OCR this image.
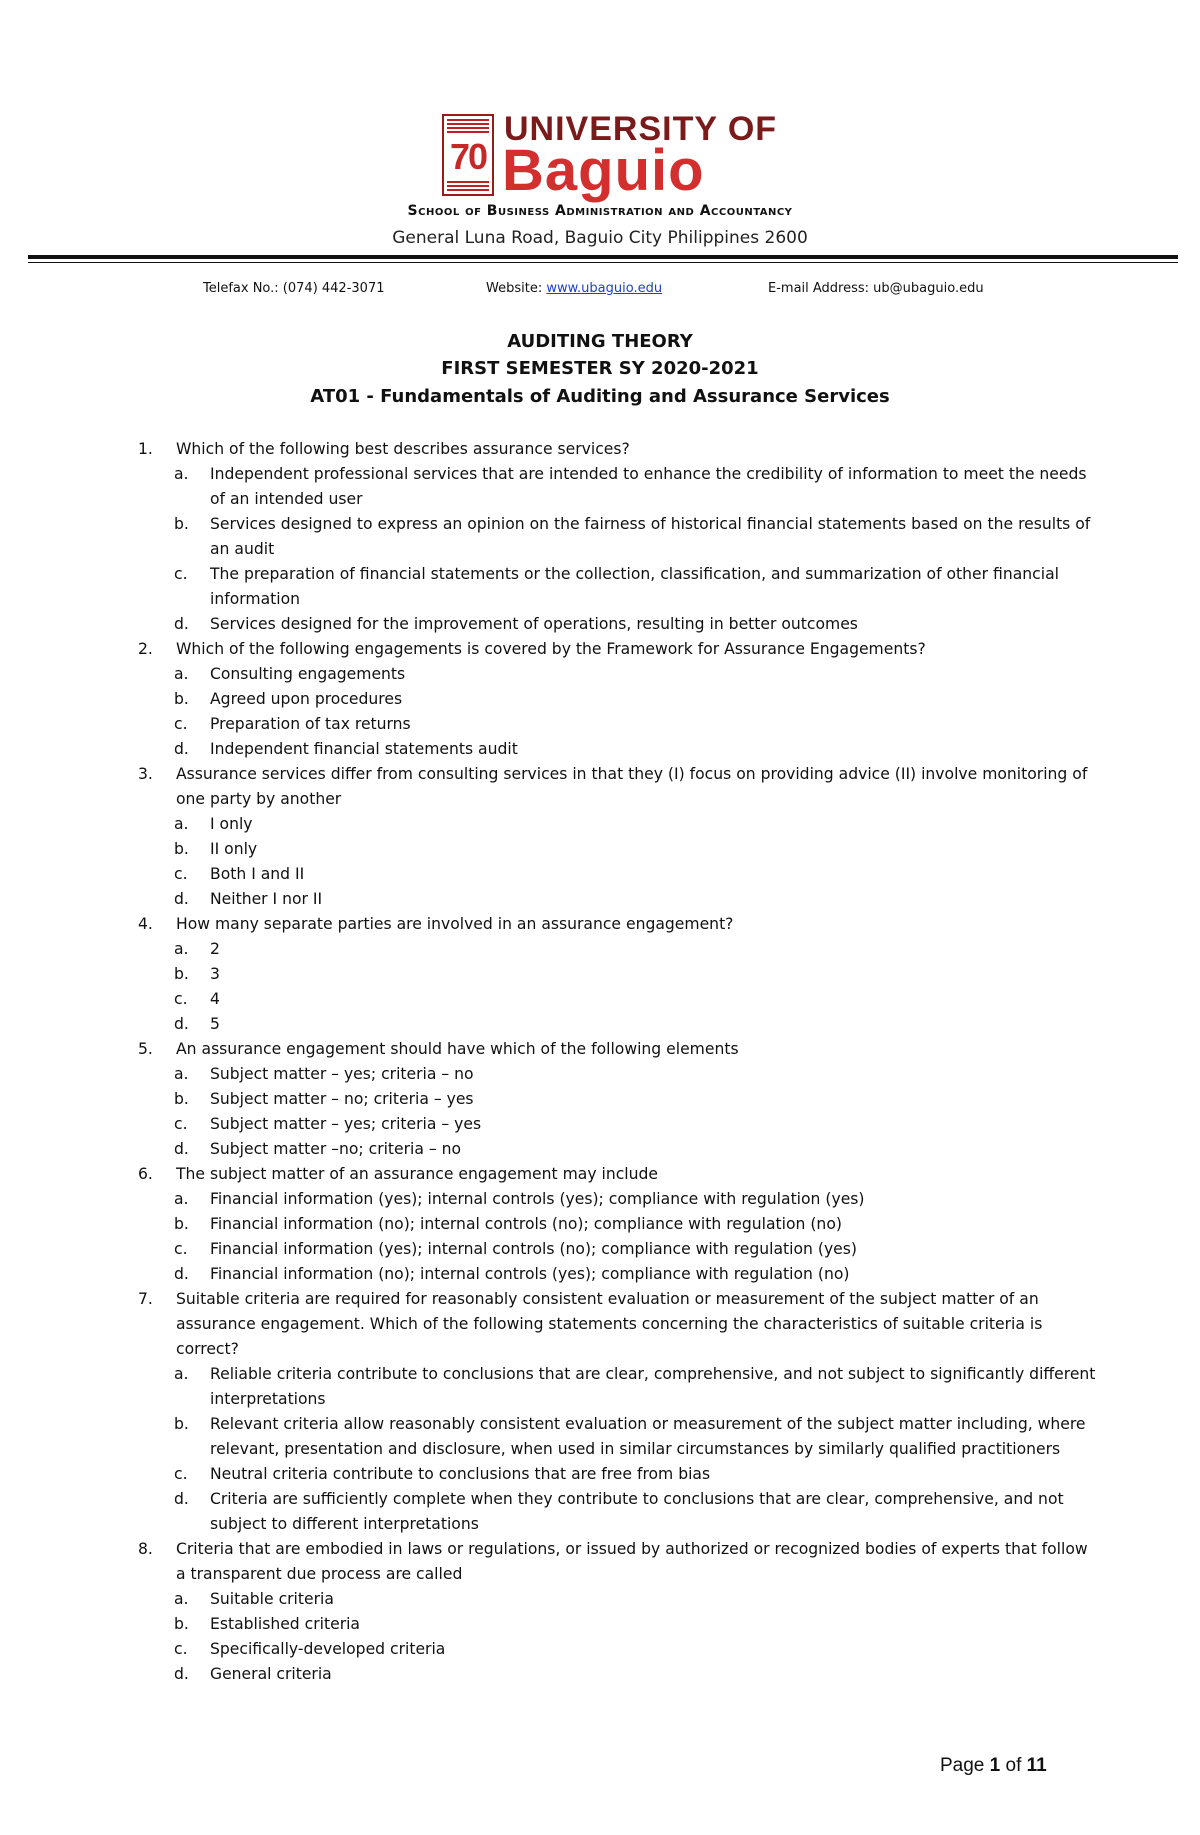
70
UNIVERSITY OF
Baguio
School of Business Administration and Accountancy
General Luna Road, Baguio City Philippines 2600
Telefax No.: (074) 442-3071	Website: www.ubaguio.edu	E-mail Address: ub@ubaguio.edu
AUDITING THEORY
FIRST SEMESTER SY 2020-2021
AT01 - Fundamentals of Auditing and Assurance Services
1. Which of the following best describes assurance services?
a. Independent professional services that are intended to enhance the credibility of information to meet the needs of an intended user
b. Services designed to express an opinion on the fairness of historical financial statements based on the results of an audit
c. The preparation of financial statements or the collection, classification, and summarization of other financial information
d. Services designed for the improvement of operations, resulting in better outcomes
2. Which of the following engagements is covered by the Framework for Assurance Engagements?
a. Consulting engagements
b. Agreed upon procedures
c. Preparation of tax returns
d. Independent financial statements audit
3. Assurance services differ from consulting services in that they (I) focus on providing advice (II) involve monitoring of one party by another
a. I only
b. II only
c. Both I and II
d. Neither I nor II
4. How many separate parties are involved in an assurance engagement?
a. 2
b. 3
c. 4
d. 5
5. An assurance engagement should have which of the following elements
a. Subject matter – yes; criteria – no
b. Subject matter – no; criteria – yes
c. Subject matter – yes; criteria – yes
d. Subject matter –no; criteria – no
6. The subject matter of an assurance engagement may include
a. Financial information (yes); internal controls (yes); compliance with regulation (yes)
b. Financial information (no); internal controls (no); compliance with regulation (no)
c. Financial information (yes); internal controls (no); compliance with regulation (yes)
d. Financial information (no); internal controls (yes); compliance with regulation (no)
7. Suitable criteria are required for reasonably consistent evaluation or measurement of the subject matter of an assurance engagement. Which of the following statements concerning the characteristics of suitable criteria is correct?
a. Reliable criteria contribute to conclusions that are clear, comprehensive, and not subject to significantly different interpretations
b. Relevant criteria allow reasonably consistent evaluation or measurement of the subject matter including, where relevant, presentation and disclosure, when used in similar circumstances by similarly qualified practitioners
c. Neutral criteria contribute to conclusions that are free from bias
d. Criteria are sufficiently complete when they contribute to conclusions that are clear, comprehensive, and not subject to different interpretations
8. Criteria that are embodied in laws or regulations, or issued by authorized or recognized bodies of experts that follow a transparent due process are called
a. Suitable criteria
b. Established criteria
c. Specifically-developed criteria
d. General criteria
Page 1 of 11
